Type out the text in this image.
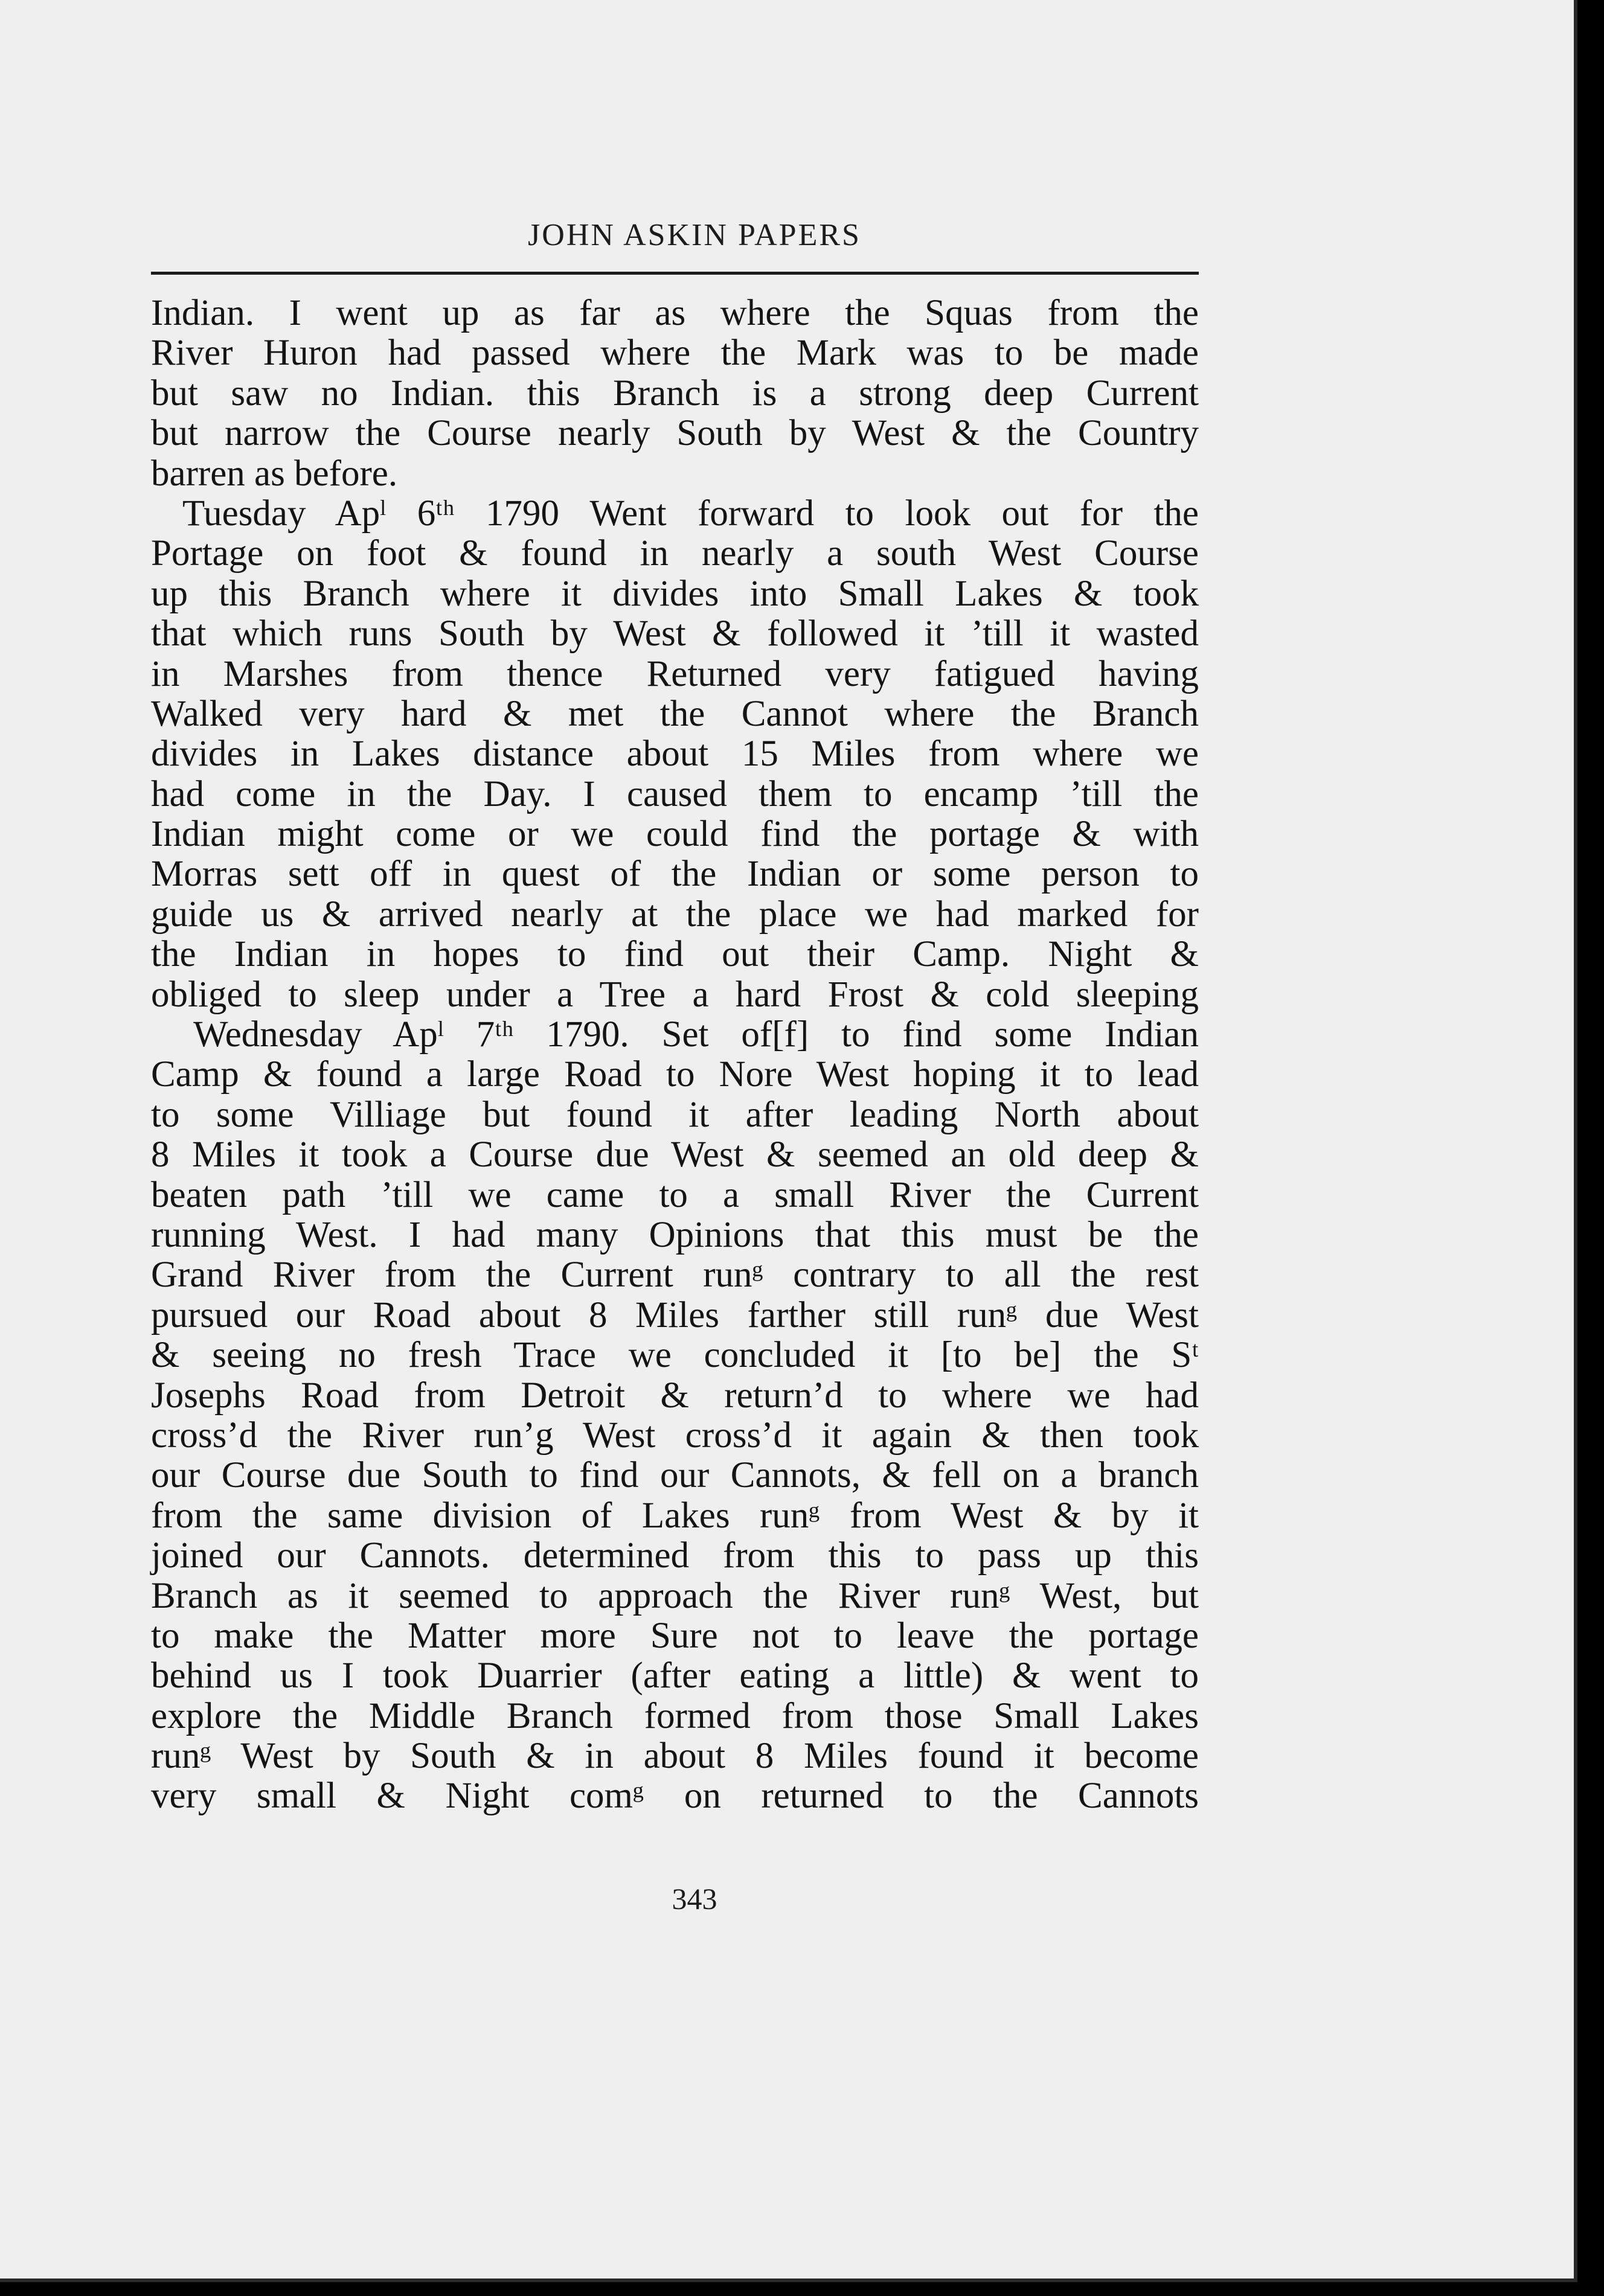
JOHN ASKIN PAPERS
Indian. I went up as far as where the Squas from the
River Huron had passed where the Mark was to be made
but saw no Indian. this Branch is a strong deep Current
but narrow the Course nearly South by West & the Country
barren as before.
Tuesday Apˡ 6ᵗʰ 1790 Went forward to look out for the
Portage on foot & found in nearly a south West Course
up this Branch where it divides into Small Lakes & took
that which runs South by West & followed it ’till it wasted
in Marshes from thence Returned very fatigued having
Walked very hard & met the Cannot where the Branch
divides in Lakes distance about 15 Miles from where we
had come in the Day. I caused them to encamp ’till the
Indian might come or we could find the portage & with
Morras sett off in quest of the Indian or some person to
guide us & arrived nearly at the place we had marked for
the Indian in hopes to find out their Camp. Night &
obliged to sleep under a Tree a hard Frost & cold sleeping
Wednesday Apˡ 7ᵗʰ 1790. Set of[f] to find some Indian
Camp & found a large Road to Nore West hoping it to lead
to some Villiage but found it after leading North about
8 Miles it took a Course due West & seemed an old deep &
beaten path ’till we came to a small River the Current
running West. I had many Opinions that this must be the
Grand River from the Current runᵍ contrary to all the rest
pursued our Road about 8 Miles farther still runᵍ due West
& seeing no fresh Trace we concluded it [to be] the Sᵗ
Josephs Road from Detroit & return’d to where we had
cross’d the River run’g West cross’d it again & then took
our Course due South to find our Cannots, & fell on a branch
from the same division of Lakes runᵍ from West & by it
joined our Cannots. determined from this to pass up this
Branch as it seemed to approach the River runᵍ West, but
to make the Matter more Sure not to leave the portage
behind us I took Duarrier (after eating a little) & went to
explore the Middle Branch formed from those Small Lakes
runᵍ West by South & in about 8 Miles found it become
very small & Night comᵍ on returned to the Cannots
343
